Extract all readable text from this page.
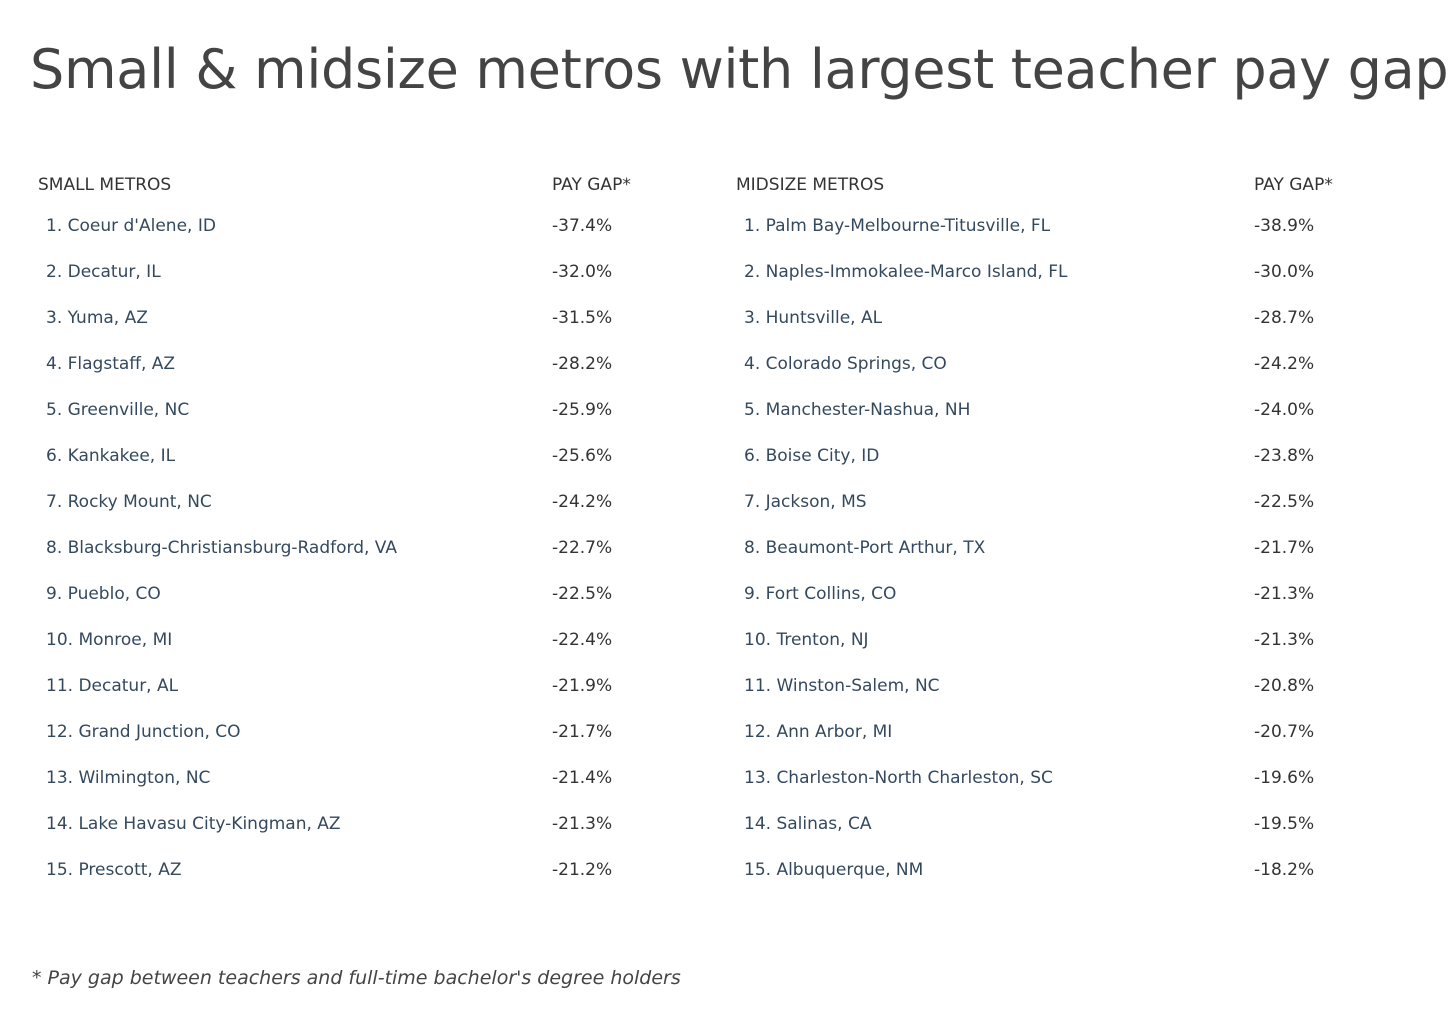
Small & midsize metros with largest teacher pay gap
SMALL METROS	PAY GAP*
1. Coeur d'Alene, ID	-37.4%
2. Decatur, IL	-32.0%
3. Yuma, AZ	-31.5%
4. Flagstaff, AZ	-28.2%
5. Greenville, NC	-25.9%
6. Kankakee, IL	-25.6%
7. Rocky Mount, NC	-24.2%
8. Blacksburg-Christiansburg-Radford, VA	-22.7%
9. Pueblo, CO	-22.5%
10. Monroe, MI	-22.4%
11. Decatur, AL	-21.9%
12. Grand Junction, CO	-21.7%
13. Wilmington, NC	-21.4%
14. Lake Havasu City-Kingman, AZ	-21.3%
15. Prescott, AZ	-21.2%
MIDSIZE METROS	PAY GAP*
1. Palm Bay-Melbourne-Titusville, FL	-38.9%
2. Naples-Immokalee-Marco Island, FL	-30.0%
3. Huntsville, AL	-28.7%
4. Colorado Springs, CO	-24.2%
5. Manchester-Nashua, NH	-24.0%
6. Boise City, ID	-23.8%
7. Jackson, MS	-22.5%
8. Beaumont-Port Arthur, TX	-21.7%
9. Fort Collins, CO	-21.3%
10. Trenton, NJ	-21.3%
11. Winston-Salem, NC	-20.8%
12. Ann Arbor, MI	-20.7%
13. Charleston-North Charleston, SC	-19.6%
14. Salinas, CA	-19.5%
15. Albuquerque, NM	-18.2%

* Pay gap between teachers and full-time bachelor's degree holders
